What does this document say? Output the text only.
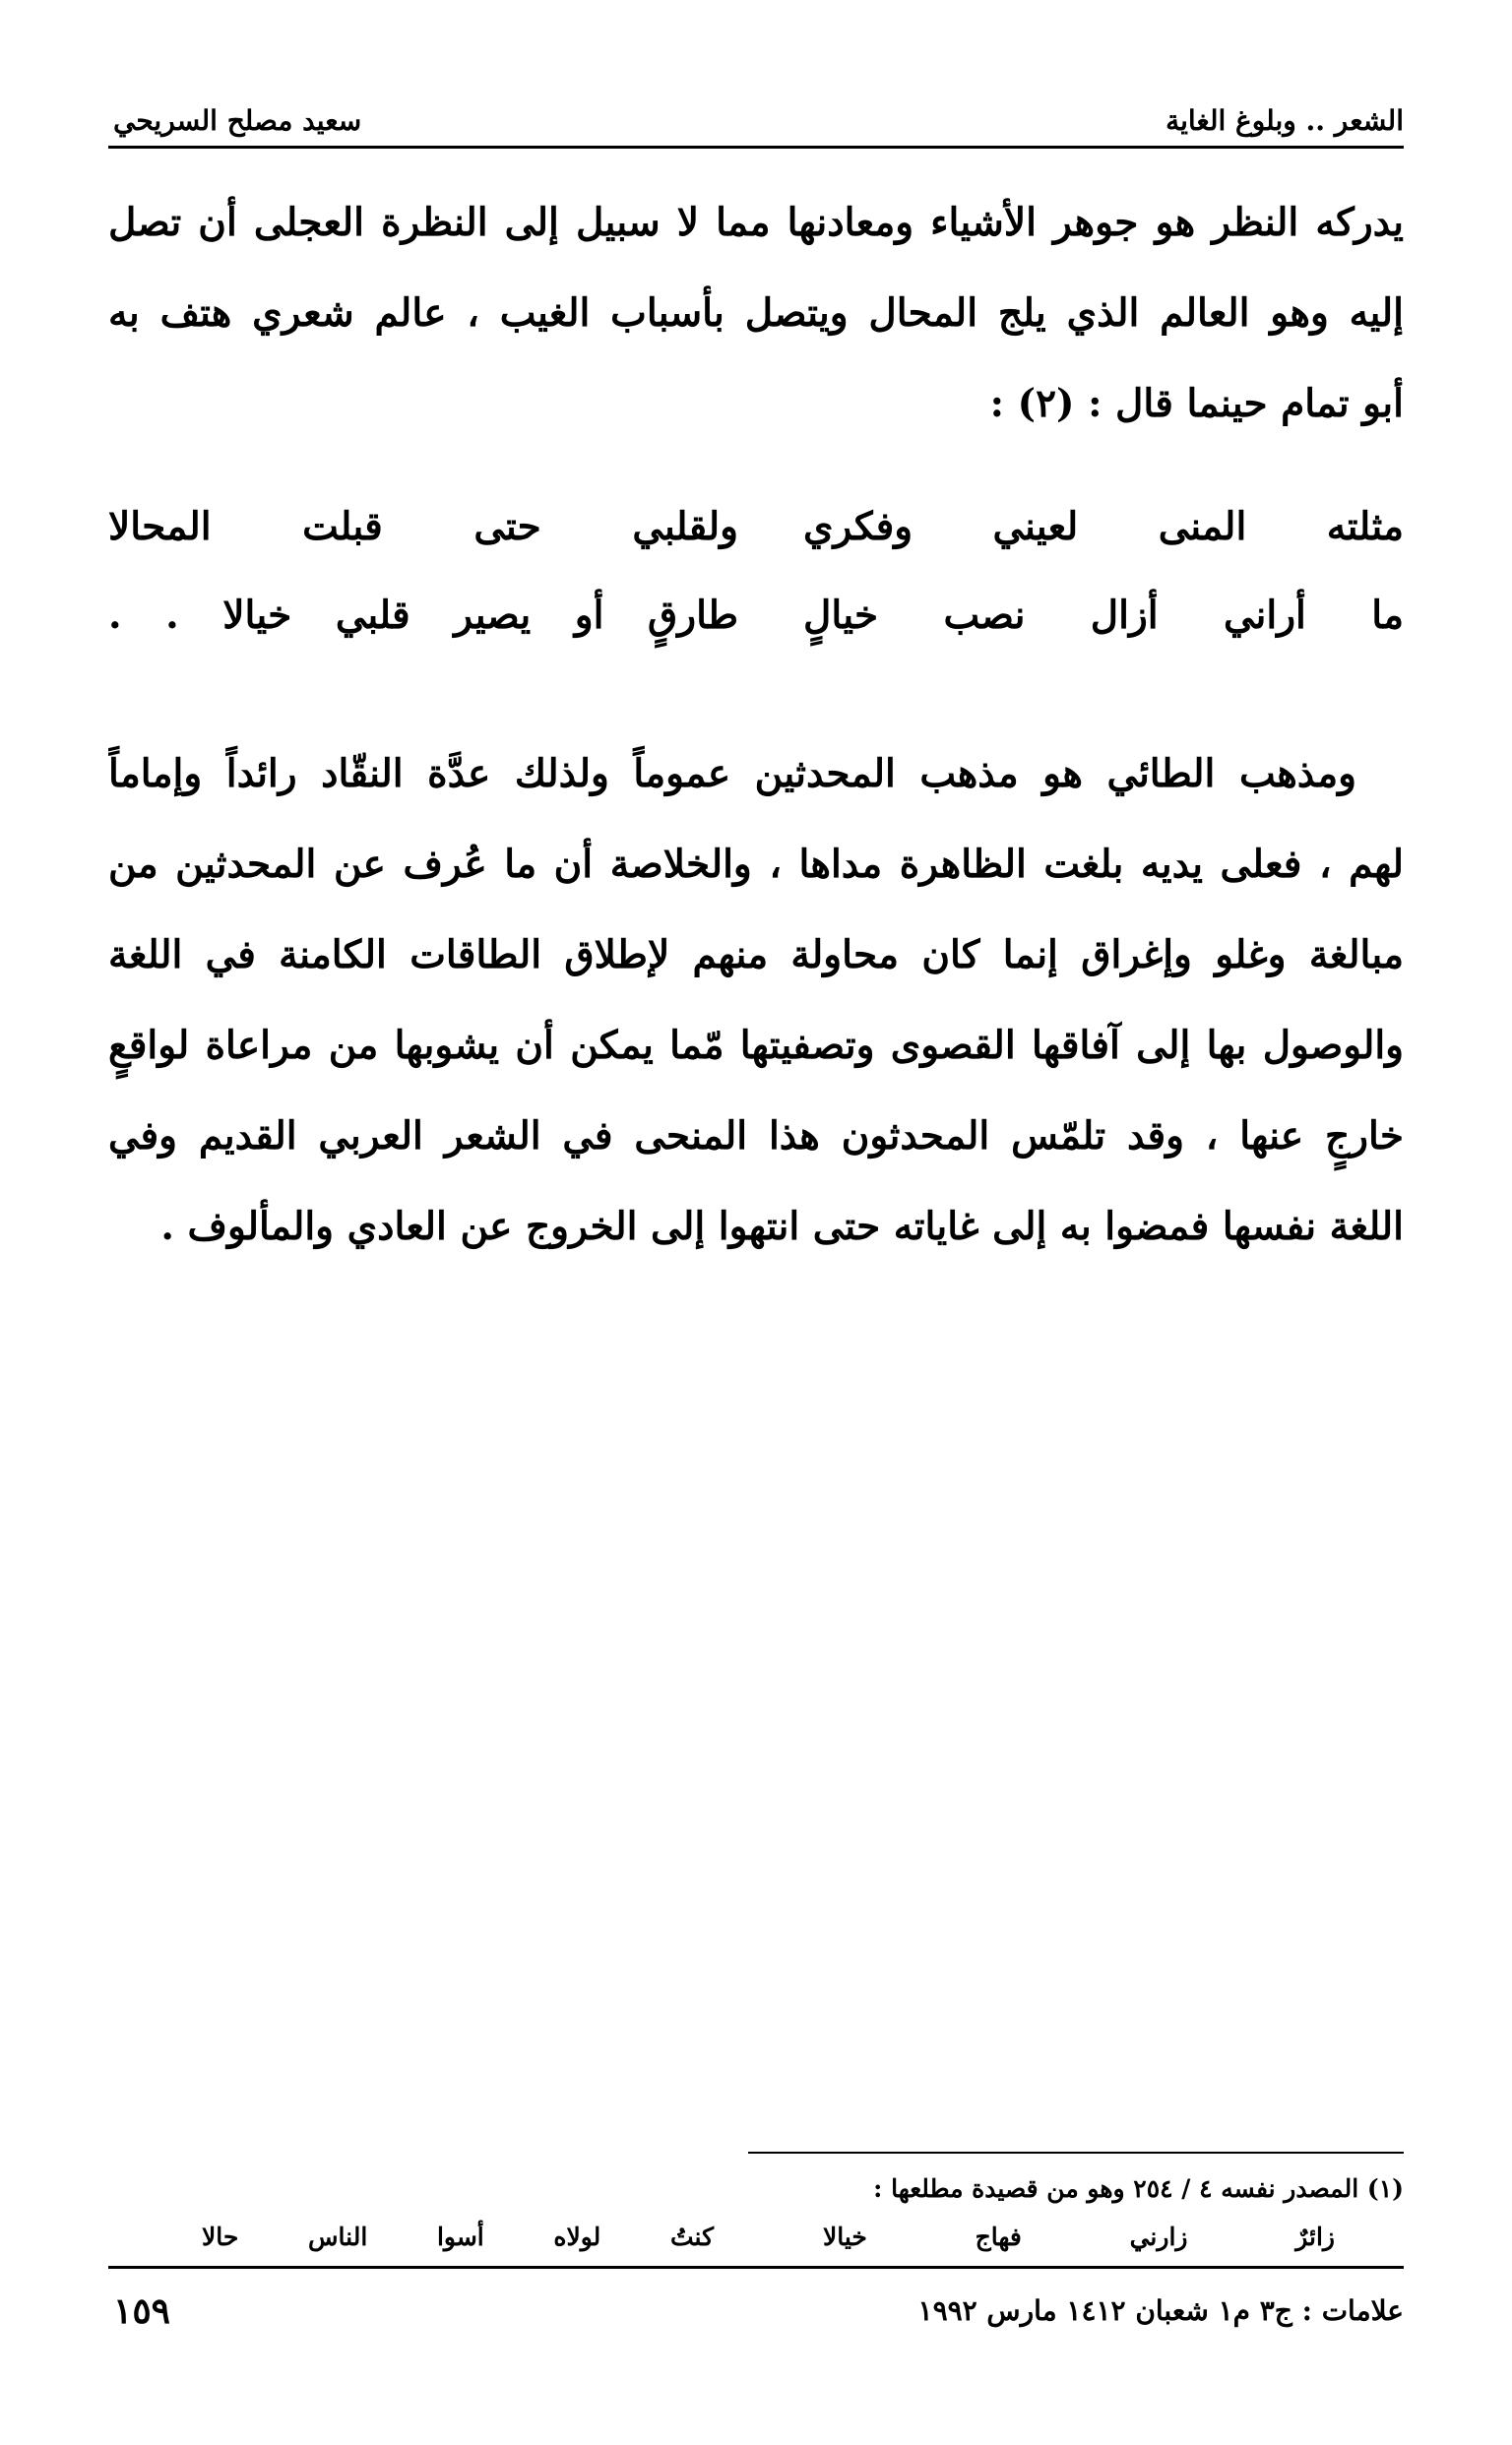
الشعر .. وبلوغ الغاية
سعيد مصلح السريحي
يدركه النظر هو جوهر الأشياء ومعادنها مما لا سبيل إلى النظرة العجلى أن تصل
إليه وهو العالم الذي يلج المحال ويتصل بأسباب الغيب ، عالم شعري هتف به
أبو تمام حينما قال : (٢) :
مثلته المنى لعيني وفكري
ولقلبي حتى قبلت المحالا
ما أراني أزال نصب خيالٍ
طارقٍ أو يصير قلبي خيالا . .
ومذهب الطائي هو مذهب المحدثين عموماً ولذلك عدَّة النقّاد رائداً وإماماً
لهم ، فعلى يديه بلغت الظاهرة مداها ، والخلاصة أن ما عُرف عن المحدثين من
مبالغة وغلو وإغراق إنما كان محاولة منهم لإطلاق الطاقات الكامنة في اللغة
والوصول بها إلى آفاقها القصوى وتصفيتها مّما يمكن أن يشوبها من مراعاة لواقعٍ
خارجٍ عنها ، وقد تلمّس المحدثون هذا المنحى في الشعر العربي القديم وفي
اللغة نفسها فمضوا به إلى غاياته حتى انتهوا إلى الخروج عن العادي والمألوف .
(١) المصدر نفسه ٤ / ٢٥٤ وهو من قصيدة مطلعها :
زائرٌ زارني فهاج خيالا
كنتُ لولاه أسوا الناس حالا
علامات : ج٣ م١ شعبان ١٤١٢ مارس ١٩٩٢
١٥٩
